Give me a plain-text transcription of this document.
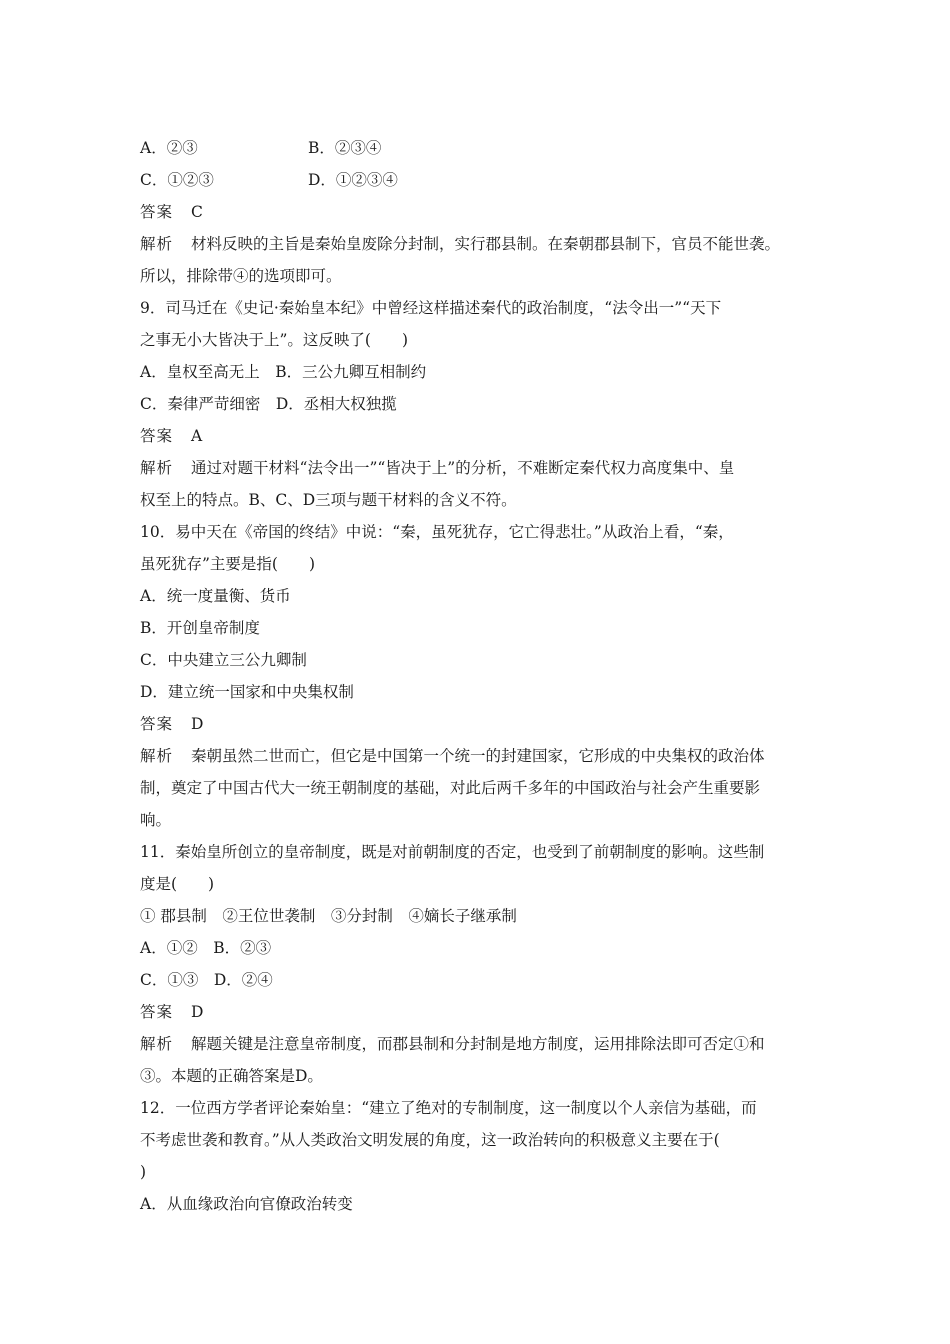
A．②③	B．②③④
C．①②③	D．①②③④
答案 C
解析 材料反映的主旨是秦始皇废除分封制，实行郡县制。在秦朝郡县制下，官员不能世袭。
所以，排除带④的选项即可。
9．司马迁在《史记·秦始皇本纪》中曾经这样描述秦代的政治制度，“法令出一”“天下
之事无小大皆决于上”。这反映了(　　)
A．皇权至高无上　B．三公九卿互相制约
C．秦律严苛细密　D．丞相大权独揽
答案 A
解析 通过对题干材料“法令出一”“皆决于上”的分析，不难断定秦代权力高度集中、皇
权至上的特点。B、C、D三项与题干材料的含义不符。
10．易中天在《帝国的终结》中说：“秦，虽死犹存，它亡得悲壮。”从政治上看，“秦，
虽死犹存”主要是指(　　)
A．统一度量衡、货币
B．开创皇帝制度
C．中央建立三公九卿制
D．建立统一国家和中央集权制
答案 D
解析 秦朝虽然二世而亡，但它是中国第一个统一的封建国家，它形成的中央集权的政治体
制，奠定了中国古代大一统王朝制度的基础，对此后两千多年的中国政治与社会产生重要影
响。
11．秦始皇所创立的皇帝制度，既是对前朝制度的否定，也受到了前朝制度的影响。这些制
度是(　　)
① 郡县制　②王位世袭制　③分封制　④嫡长子继承制
A．①②　B．②③
C．①③　D．②④
答案 D
解析 解题关键是注意皇帝制度，而郡县制和分封制是地方制度，运用排除法即可否定①和
③。本题的正确答案是D。
12．一位西方学者评论秦始皇：“建立了绝对的专制制度，这一制度以个人亲信为基础，而
不考虑世袭和教育。”从人类政治文明发展的角度，这一政治转向的积极意义主要在于(
)
A．从血缘政治向官僚政治转变
